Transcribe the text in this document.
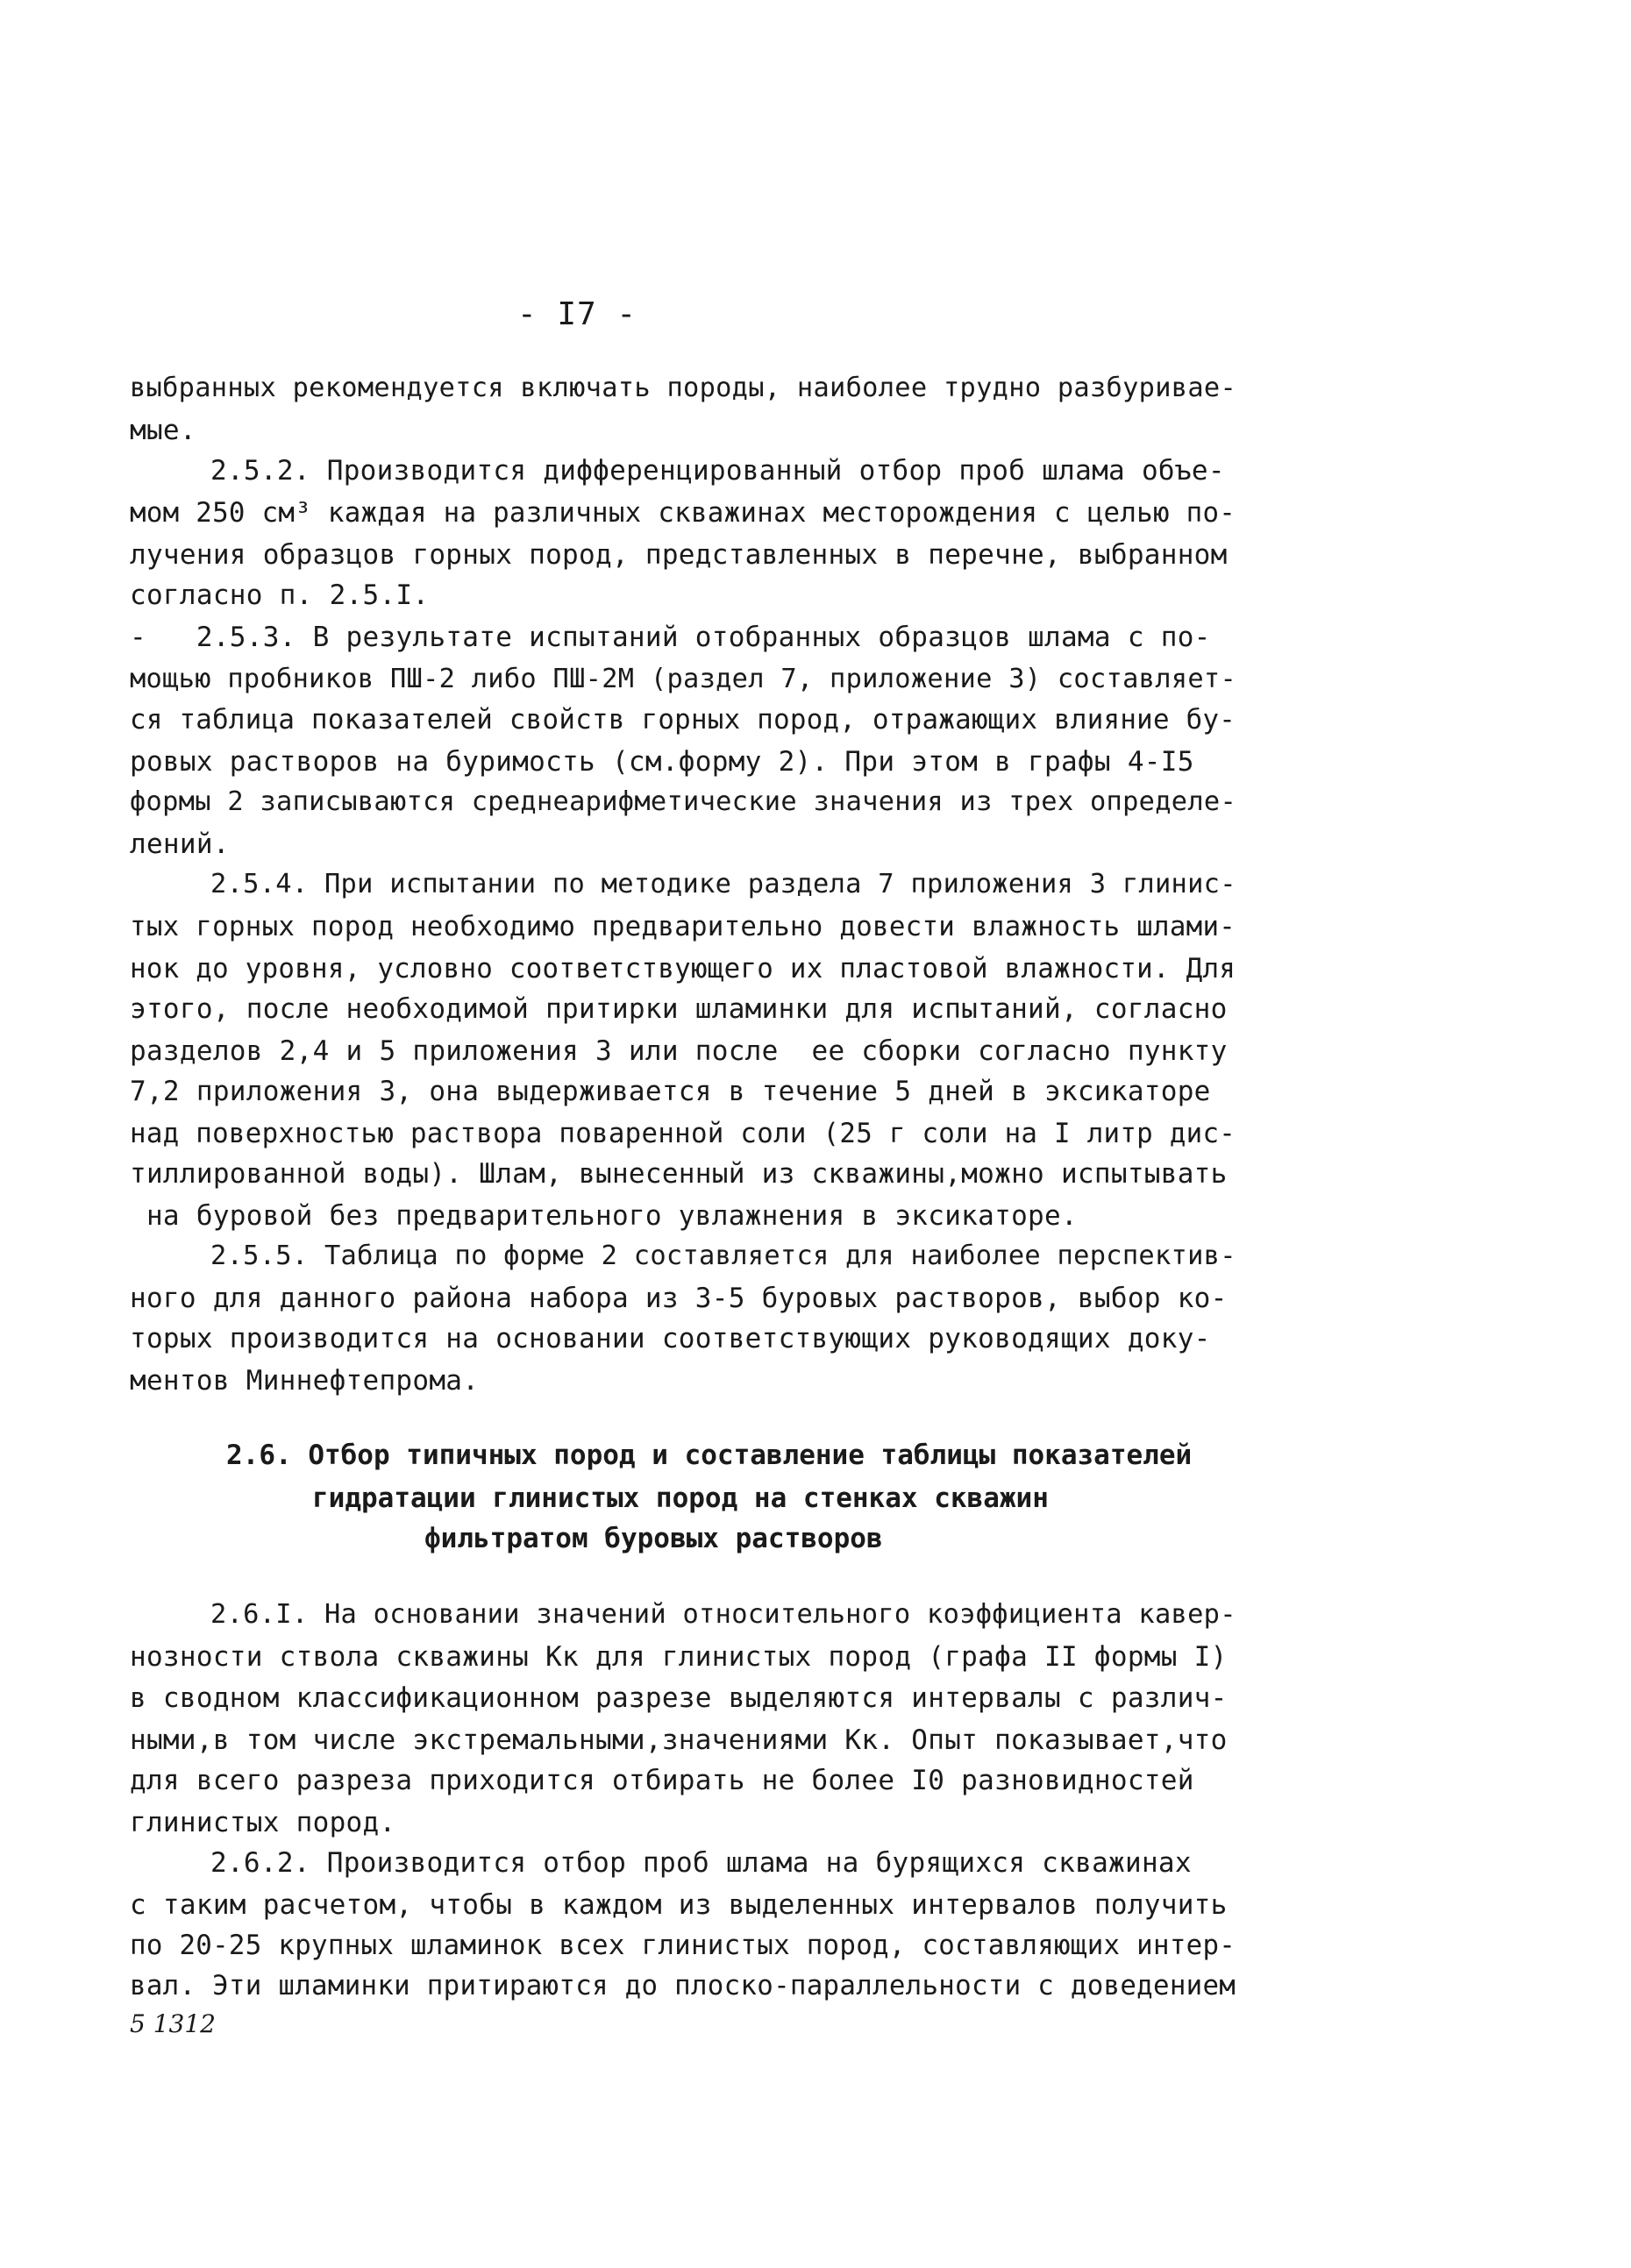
- I7 -
выбранных рекомендуется включать породы, наиболее трудно разбуривае-
мые.
2.5.2. Производится дифференцированный отбор проб шлама объе-
мом 250 см³ каждая на различных скважинах месторождения с целью по-
лучения образцов горных пород, представленных в перечне, выбранном
согласно п. 2.5.I.
-   2.5.3. В результате испытаний отобранных образцов шлама с по-
мощью пробников ПШ-2 либо ПШ-2М (раздел 7, приложение 3) составляет-
ся таблица показателей свойств горных пород, отражающих влияние бу-
ровых растворов на буримость (см.форму 2). При этом в графы 4-I5
формы 2 записываются среднеарифметические значения из трех определе-
лений.
2.5.4. При испытании по методике раздела 7 приложения 3 глинис-
тых горных пород необходимо предварительно довести влажность шлами-
нок до уровня, условно соответствующего их пластовой влажности. Для
этого, после необходимой притирки шламинки для испытаний, согласно
разделов 2,4 и 5 приложения 3 или после  ее сборки согласно пункту
7,2 приложения 3, она выдерживается в течение 5 дней в эксикаторе
над поверхностью раствора поваренной соли (25 г соли на I литр дис-
тиллированной воды). Шлам, вынесенный из скважины,можно испытывать
на буровой без предварительного увлажнения в эксикаторе.
2.5.5. Таблица по форме 2 составляется для наиболее перспектив-
ного для данного района набора из 3-5 буровых растворов, выбор ко-
торых производится на основании соответствующих руководящих доку-
ментов Миннефтепрома.
2.6. Отбор типичных пород и составление таблицы показателей
гидратации глинистых пород на стенках скважин
фильтратом буровых растворов
2.6.I. На основании значений относительного коэффициента кавер-
нозности ствола скважины Kк для глинистых пород (графа II формы I)
в сводном классификационном разрезе выделяются интервалы с различ-
ными,в том числе экстремальными,значениями Kк. Опыт показывает,что
для всего разреза приходится отбирать не более I0 разновидностей
глинистых пород.
2.6.2. Производится отбор проб шлама на бурящихся скважинах
с таким расчетом, чтобы в каждом из выделенных интервалов получить
по 20-25 крупных шламинок всех глинистых пород, составляющих интер-
вал. Эти шламинки притираются до плоско-параллельности с доведением
5 1312
